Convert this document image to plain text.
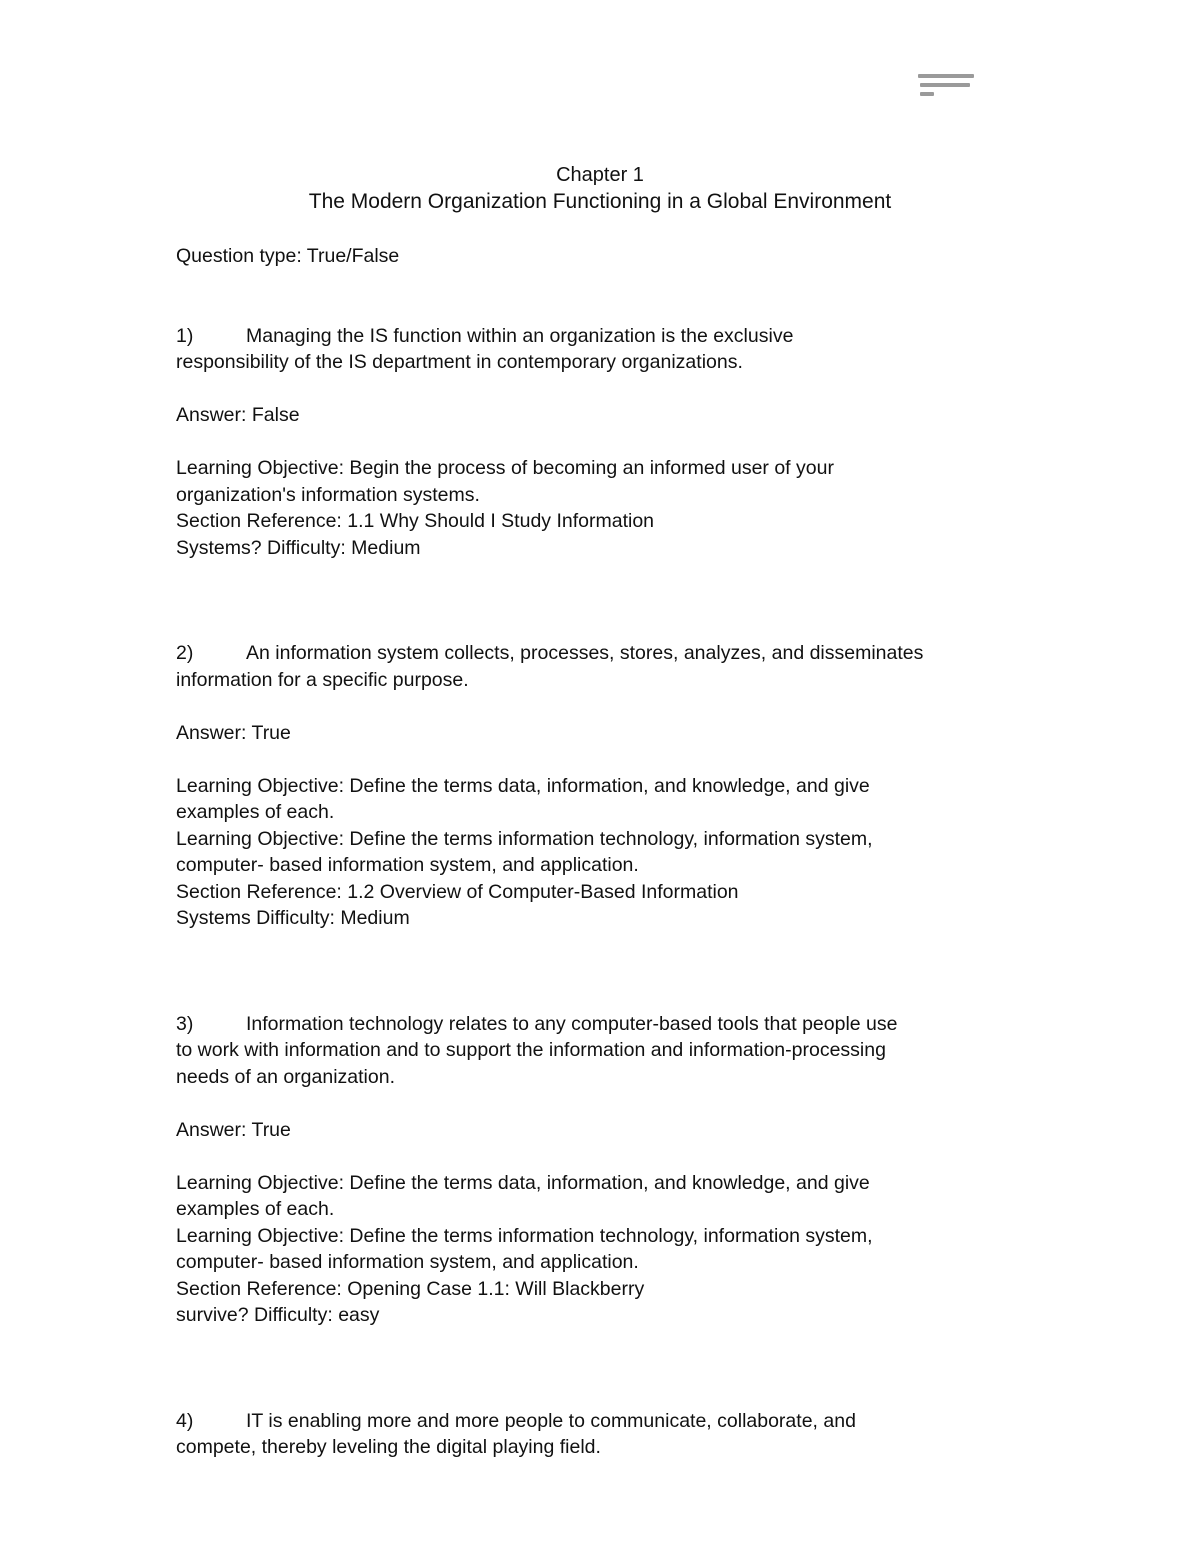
Chapter 1
The Modern Organization Functioning in a Global Environment

Question type: True/False

1)	Managing the IS function within an organization is the exclusive

responsibility of the IS department in contemporary organizations.

Answer: False

Learning Objective: Begin the process of becoming an informed user of your

organization's information systems.

Section Reference: 1.1 Why Should I Study Information

Systems? Difficulty: Medium

2)	An information system collects, processes, stores, analyzes, and disseminates

information for a specific purpose.

Answer: True

Learning Objective: Define the terms data, information, and knowledge, and give

examples of each.

Learning Objective: Define the terms information technology, information system,

computer- based information system, and application.

Section Reference: 1.2 Overview of Computer-Based Information

Systems Difficulty: Medium

3)	Information technology relates to any computer-based tools that people use

to work with information and to support the information and information-processing

needs of an organization.

Answer: True

Learning Objective: Define the terms data, information, and knowledge, and give

examples of each.

Learning Objective: Define the terms information technology, information system,

computer- based information system, and application.

Section Reference: Opening Case 1.1: Will Blackberry

survive? Difficulty: easy

4)	IT is enabling more and more people to communicate, collaborate, and

compete, thereby leveling the digital playing field.
